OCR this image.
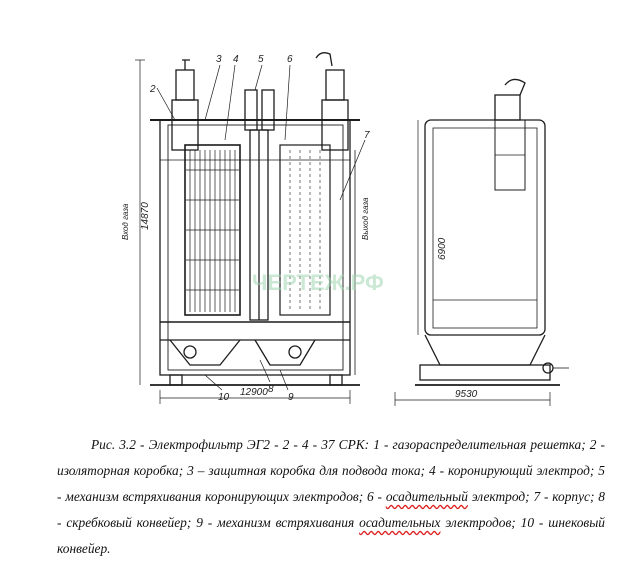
2
3 4 5 6
7
8
9
10 12900	9530
14870
Вход газа	Выход газа
6900
ЧЕРТЕЖ.РФ
Рис. 3.2 - Электрофильтр ЭГ2 - 2 - 4 - 37 СРК: 1 - газораспределительная решетка; 2 - изоляторная коробка; 3 – защитная коробка для подвода тока; 4 - коронирующий электрод; 5 - механизм встряхивания коронирующих электродов; 6 - осадительный электрод; 7 - корпус; 8 - скребковый конвейер; 9 - механизм встряхивания осадительных электродов; 10 - шнековый конвейер.
